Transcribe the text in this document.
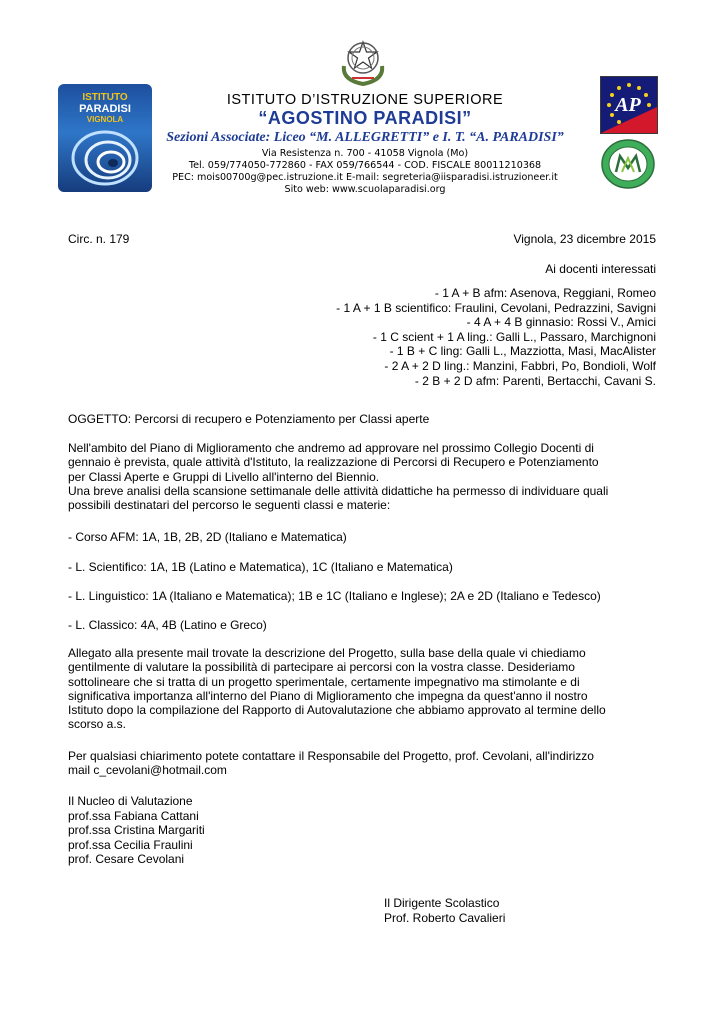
ISTITUTO
PARADISI
VIGNOLA
AP
ISTITUTO D’ISTRUZIONE SUPERIORE
“AGOSTINO PARADISI”
Sezioni Associate: Liceo “M. ALLEGRETTI” e I. T. “A. PARADISI”
Via Resistenza n. 700 - 41058 Vignola (Mo)
Tel. 059/774050-772860 - FAX 059/766544 - COD. FISCALE 80011210368
PEC: mois00700g@pec.istruzione.it E-mail: segreteria@iisparadisi.istruzioneer.it
Sito web: www.scuolaparadisi.org
Circ. n. 179	Vignola, 23 dicembre 2015
Ai docenti interessati
- 1 A + B afm: Asenova, Reggiani, Romeo
- 1 A + 1 B scientifico: Fraulini, Cevolani, Pedrazzini, Savigni
- 4 A + 4 B ginnasio: Rossi V., Amici
- 1 C scient + 1 A ling.: Galli L., Passaro, Marchignoni
- 1 B + C ling: Galli L., Mazziotta, Masi, MacAlister
- 2 A + 2 D ling.: Manzini, Fabbri, Po, Bondioli, Wolf
- 2 B + 2 D afm: Parenti, Bertacchi, Cavani S.
OGGETTO: Percorsi di recupero e Potenziamento per Classi aperte
Nell'ambito del Piano di Miglioramento che andremo ad approvare nel prossimo Collegio Docenti di
gennaio è prevista, quale attività d'Istituto, la realizzazione di Percorsi di Recupero e Potenziamento
per Classi Aperte e Gruppi di Livello all'interno del Biennio.
Una breve analisi della scansione settimanale delle attività didattiche ha permesso di individuare quali
possibili destinatari del percorso le seguenti classi e materie:
- Corso AFM: 1A, 1B, 2B, 2D (Italiano e Matematica)
- L. Scientifico: 1A, 1B (Latino e Matematica), 1C (Italiano e Matematica)
- L. Linguistico: 1A (Italiano e Matematica); 1B e 1C (Italiano e Inglese); 2A e 2D (Italiano e Tedesco)
- L. Classico: 4A, 4B (Latino e Greco)
Allegato alla presente mail trovate la descrizione del Progetto, sulla base della quale vi chiediamo
gentilmente di valutare la possibilità di partecipare ai percorsi con la vostra classe. Desideriamo
sottolineare che si tratta di un progetto sperimentale, certamente impegnativo ma stimolante e di
significativa importanza all'interno del Piano di Miglioramento che impegna da quest'anno il nostro
Istituto dopo la compilazione del Rapporto di Autovalutazione che abbiamo approvato al termine dello
scorso a.s.
Per qualsiasi chiarimento potete contattare il Responsabile del Progetto, prof. Cevolani, all'indirizzo
mail c_cevolani@hotmail.com
Il Nucleo di Valutazione
prof.ssa Fabiana Cattani
prof.ssa Cristina Margariti
prof.ssa Cecilia Fraulini
prof. Cesare Cevolani
Il Dirigente Scolastico
Prof. Roberto Cavalieri
